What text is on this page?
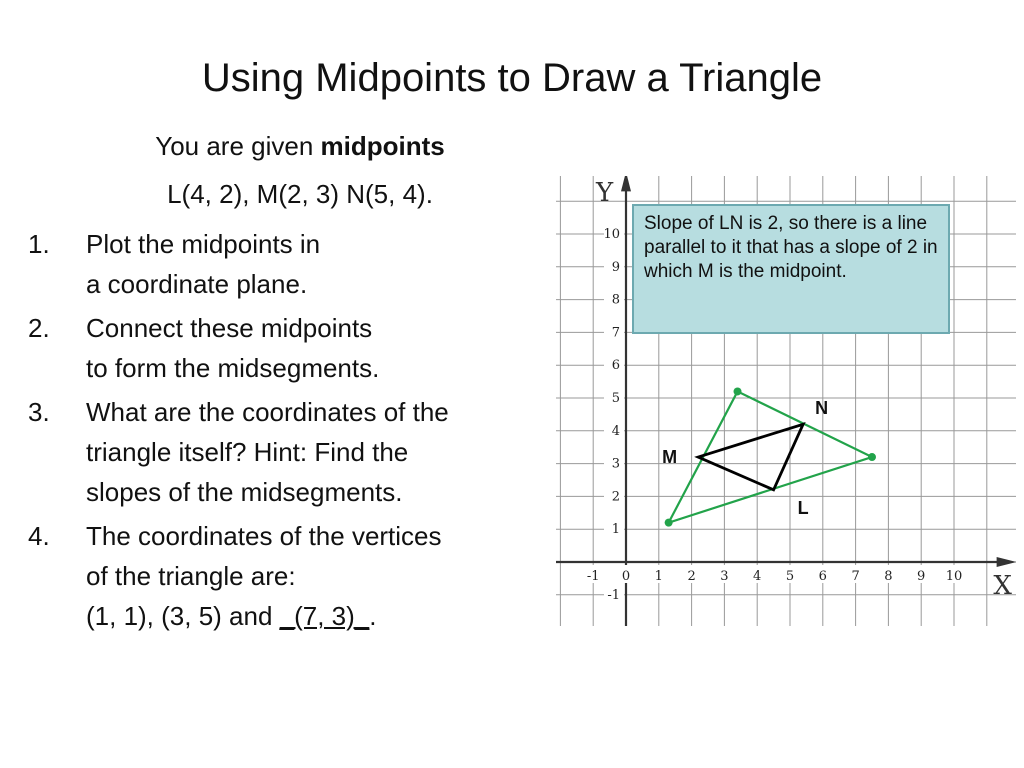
Using Midpoints to Draw a Triangle
You are given midpoints
L(4, 2), M(2, 3) N(5, 4).
1. Plot the midpoints in
a coordinate plane.
2. Connect these midpoints
to form the midsegments.
3. What are the coordinates of the
triangle itself? Hint: Find the
slopes of the midsegments.
4. The coordinates of the vertices
of the triangle are:
(1, 1), (3, 5) and _(7, 3)_.
-1 0 1 2 3 4 5 6 7 8 9 10
10
9
8
7
6
5
4
3
2
1
-1
Y
X
L
M
N
Slope of LN is 2, so there is a line parallel to it that has a slope of 2 in which M is the midpoint.
